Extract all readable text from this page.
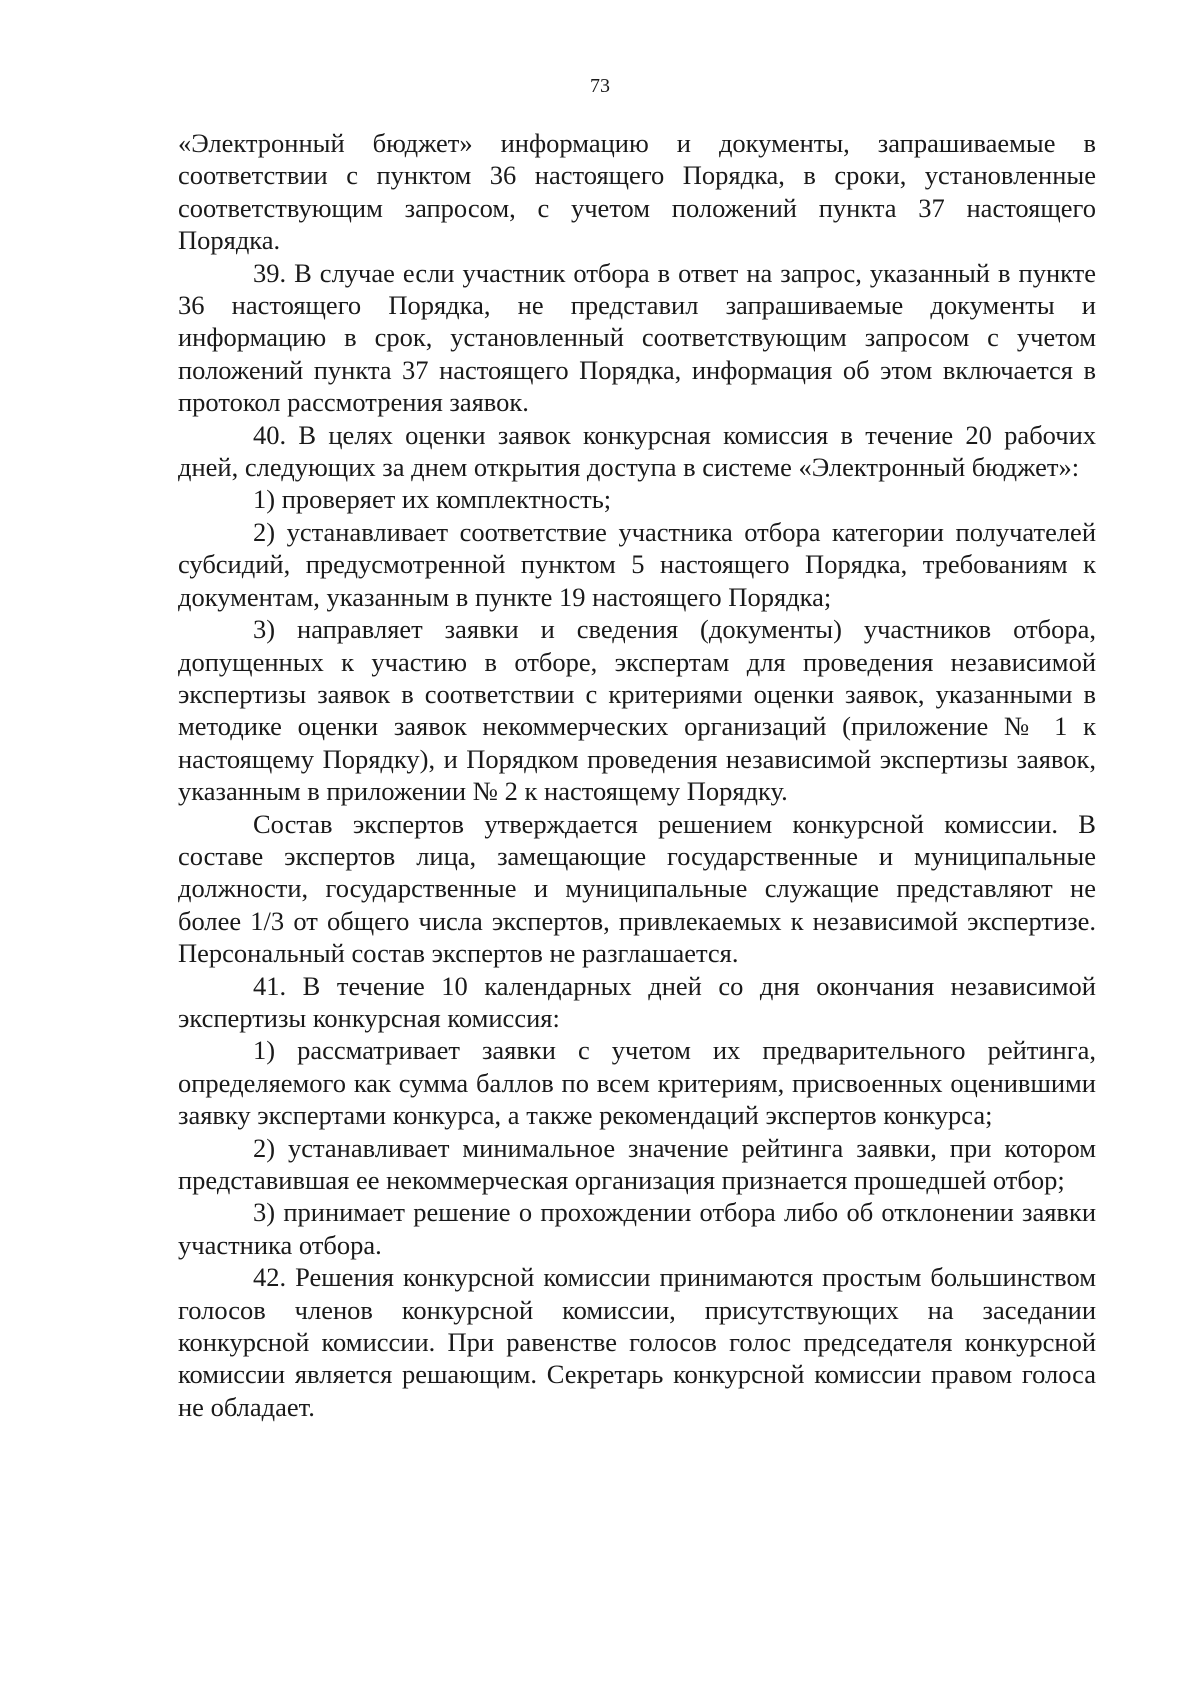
73

«Электронный бюджет» информацию и документы, запрашиваемые в соответствии с пунктом 36 настоящего Порядка, в сроки, установленные соответствующим запросом, с учетом положений пункта 37 настоящего Порядка.

39. В случае если участник отбора в ответ на запрос, указанный в пункте 36 настоящего Порядка, не представил запрашиваемые документы и информацию в срок, установленный соответствующим запросом с учетом положений пункта 37 настоящего Порядка, информация об этом включается в протокол рассмотрения заявок.

40. В целях оценки заявок конкурсная комиссия в течение 20 рабочих дней, следующих за днем открытия доступа в системе «Электронный бюджет»:

1) проверяет их комплектность;

2) устанавливает соответствие участника отбора категории получателей субсидий, предусмотренной пунктом 5 настоящего Порядка, требованиям к документам, указанным в пункте 19 настоящего Порядка;

3) направляет заявки и сведения (документы) участников отбора, допущенных к участию в отборе, экспертам для проведения независимой экспертизы заявок в соответствии с критериями оценки заявок, указанными в методике оценки заявок некоммерческих организаций (приложение № 1 к настоящему Порядку), и Порядком проведения независимой экспертизы заявок, указанным в приложении № 2 к настоящему Порядку.

Состав экспертов утверждается решением конкурсной комиссии. В составе экспертов лица, замещающие государственные и муниципальные должности, государственные и муниципальные служащие представляют не более 1/3 от общего числа экспертов, привлекаемых к независимой экспертизе. Персональный состав экспертов не разглашается.

41. В течение 10 календарных дней со дня окончания независимой экспертизы конкурсная комиссия:

1) рассматривает заявки с учетом их предварительного рейтинга, определяемого как сумма баллов по всем критериям, присвоенных оценившими заявку экспертами конкурса, а также рекомендаций экспертов конкурса;

2) устанавливает минимальное значение рейтинга заявки, при котором представившая ее некоммерческая организация признается прошедшей отбор;

3) принимает решение о прохождении отбора либо об отклонении заявки участника отбора.

42. Решения конкурсной комиссии принимаются простым большинством голосов членов конкурсной комиссии, присутствующих на заседании конкурсной комиссии. При равенстве голосов голос председателя конкурсной комиссии является решающим. Секретарь конкурсной комиссии правом голоса не обладает.
